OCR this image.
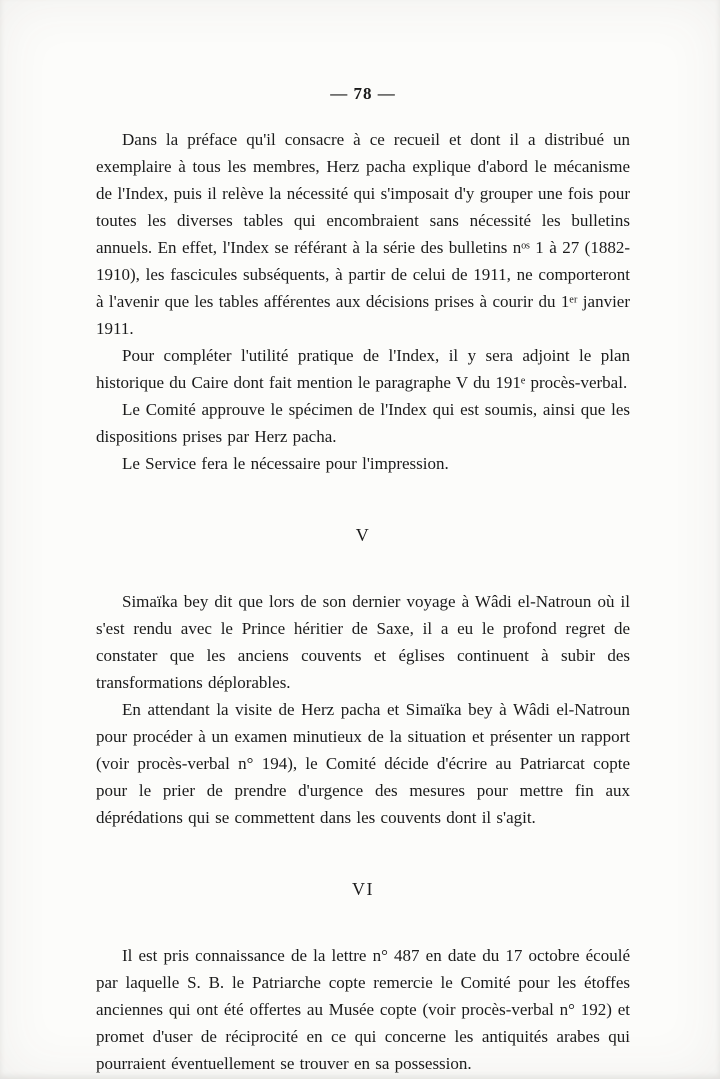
— 78 —

Dans la préface qu'il consacre à ce recueil et dont il a distribué un exemplaire à tous les membres, Herz pacha explique d'abord le mécanisme de l'Index, puis il relève la nécessité qui s'imposait d'y grouper une fois pour toutes les diverses tables qui encombraient sans nécessité les bulletins annuels. En effet, l'Index se référant à la série des bulletins nᵒˢ 1 à 27 (1882-1910), les fascicules subséquents, à partir de celui de 1911, ne comporteront à l'avenir que les tables afférentes aux décisions prises à courir du 1ᵉʳ janvier 1911.

Pour compléter l'utilité pratique de l'Index, il y sera adjoint le plan historique du Caire dont fait mention le paragraphe V du 191ᵉ procès-verbal.

Le Comité approuve le spécimen de l'Index qui est soumis, ainsi que les dispositions prises par Herz pacha.

Le Service fera le nécessaire pour l'impression.

V

Simaïka bey dit que lors de son dernier voyage à Wâdi el-Natroun où il s'est rendu avec le Prince héritier de Saxe, il a eu le profond regret de constater que les anciens couvents et églises continuent à subir des transformations déplorables.

En attendant la visite de Herz pacha et Simaïka bey à Wâdi el-Natroun pour procéder à un examen minutieux de la situation et présenter un rapport (voir procès-verbal n° 194), le Comité décide d'écrire au Patriarcat copte pour le prier de prendre d'urgence des mesures pour mettre fin aux déprédations qui se commettent dans les couvents dont il s'agit.

VI

Il est pris connaissance de la lettre n° 487 en date du 17 octobre écoulé par laquelle S. B. le Patriarche copte remercie le Comité pour les étoffes anciennes qui ont été offertes au Musée copte (voir procès-verbal n° 192) et promet d'user de réciprocité en ce qui concerne les antiquités arabes qui pourraient éventuellement se trouver en sa possession.
